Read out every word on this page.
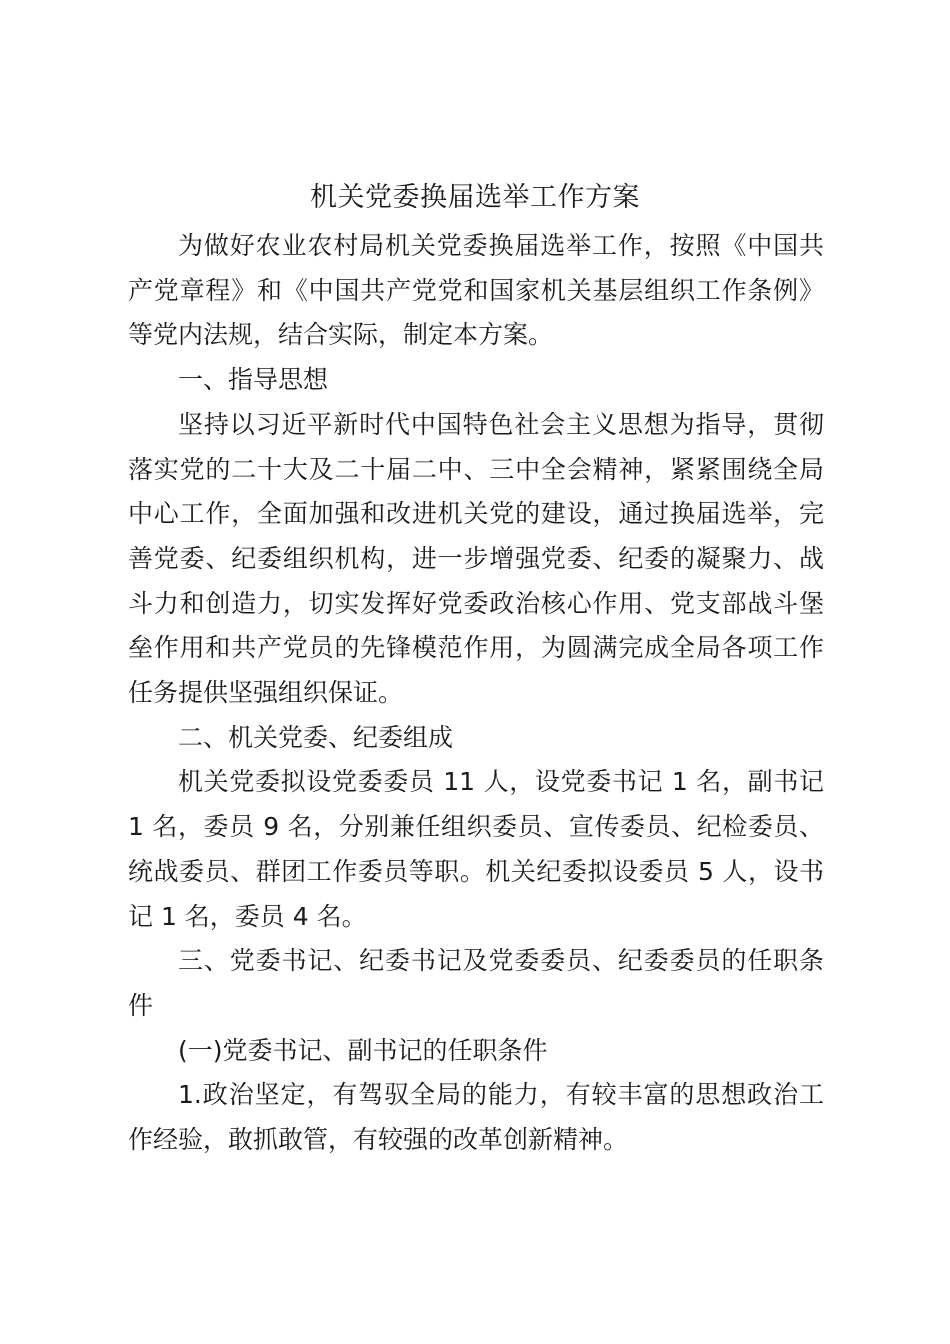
机关党委换届选举工作方案

为做好农业农村局机关党委换届选举工作，按照《中国共产党章程》和《中国共产党党和国家机关基层组织工作条例》等党内法规，结合实际，制定本方案。

一、指导思想

坚持以习近平新时代中国特色社会主义思想为指导，贯彻落实党的二十大及二十届二中、三中全会精神，紧紧围绕全局中心工作，全面加强和改进机关党的建设，通过换届选举，完善党委、纪委组织机构，进一步增强党委、纪委的凝聚力、战斗力和创造力，切实发挥好党委政治核心作用、党支部战斗堡垒作用和共产党员的先锋模范作用，为圆满完成全局各项工作任务提供坚强组织保证。

二、机关党委、纪委组成

机关党委拟设党委委员 11 人，设党委书记 1 名，副书记 1 名，委员 9 名，分别兼任组织委员、宣传委员、纪检委员、统战委员、群团工作委员等职。机关纪委拟设委员 5 人，设书记 1 名，委员 4 名。

三、党委书记、纪委书记及党委委员、纪委委员的任职条件

(一)党委书记、副书记的任职条件

1.政治坚定，有驾驭全局的能力，有较丰富的思想政治工作经验，敢抓敢管，有较强的改革创新精神。
